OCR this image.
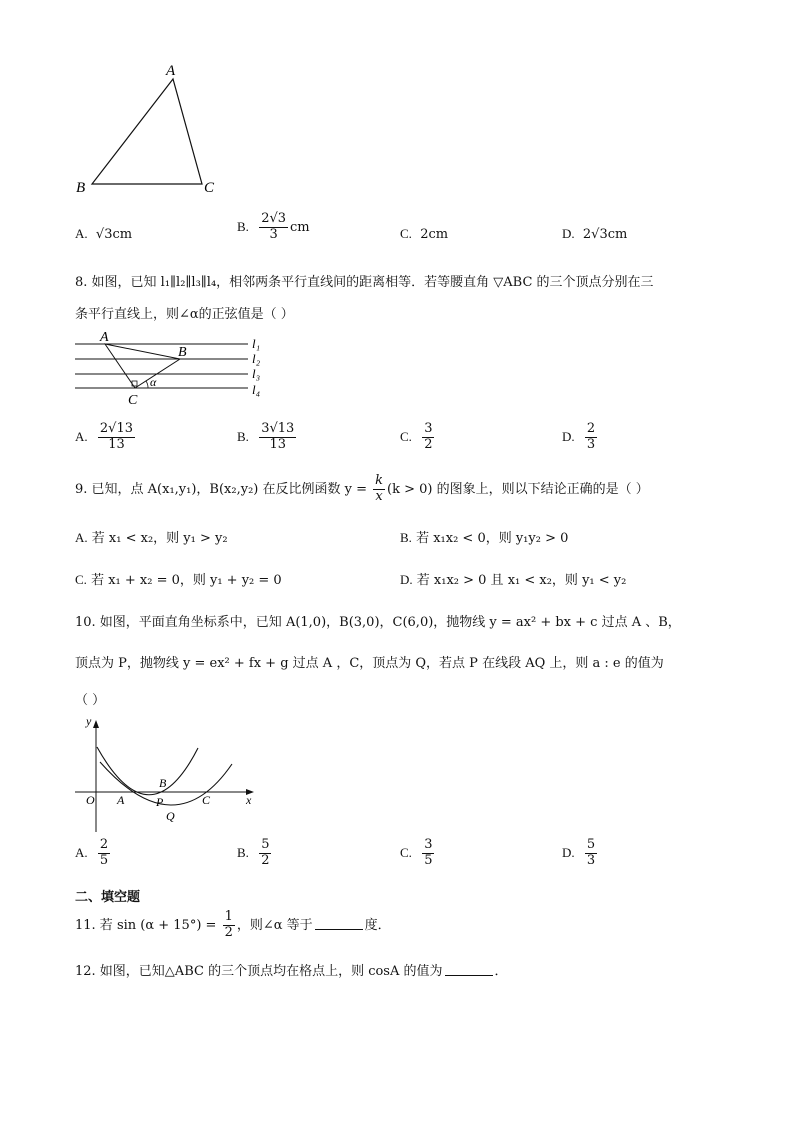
A
B	C
A. √3cm
B. $\frac{2√3}{3}$ cm	C. 2cm	D. 2√3cm
8. 如图，已知 l₁∥l₂∥l₃∥l₄，相邻两条平行直线间的距离相等．若等腰直角 ▽ABC 的三个顶点分别在三
条平行直线上，则∠α的正弦值是（ ）
A
B
C
α
l₁
l₂
l₃
l₄
A. $\frac{2√13}{13}$	B. $\frac{3√13}{13}$	C. $\frac{3}{2}$	D. $\frac{2}{3}$
9. 已知，点 A(x₁,y₁)，B(x₂,y₂) 在反比例函数 $y = \frac{k}{x} (k > 0)$ 的图象上，则以下结论正确的是（ ）
A. 若 x₁ < x₂，则 y₁ > y₂	B. 若 x₁x₂ < 0，则 y₁y₂ > 0
C. 若 x₁ + x₂ = 0，则 y₁ + y₂ = 0	D. 若 x₁x₂ > 0 且 x₁ < x₂，则 y₁ < y₂
10. 如图，平面直角坐标系中，已知 A(1,0)，B(3,0)，C(6,0)，抛物线 y = ax² + bx + c 过点 A 、B，
顶点为 P，抛物线 y = ex² + fx + g 过点 A ，C，顶点为 Q，若点 P 在线段 AQ 上，则 a : e 的值为
（ ）
y
x
O A
B
P	C
Q
A. $\frac{2}{5}$	B. $\frac{5}{2}$	C. $\frac{3}{5}$	D. $\frac{5}{3}$
二、填空题
11. 若 $\sin (\alpha + 15^\circ) = \frac{1}{2}$ ，则∠α 等于	度．
12. 如图，已知△ABC 的三个顶点均在格点上，则 cosA 的值为	．
